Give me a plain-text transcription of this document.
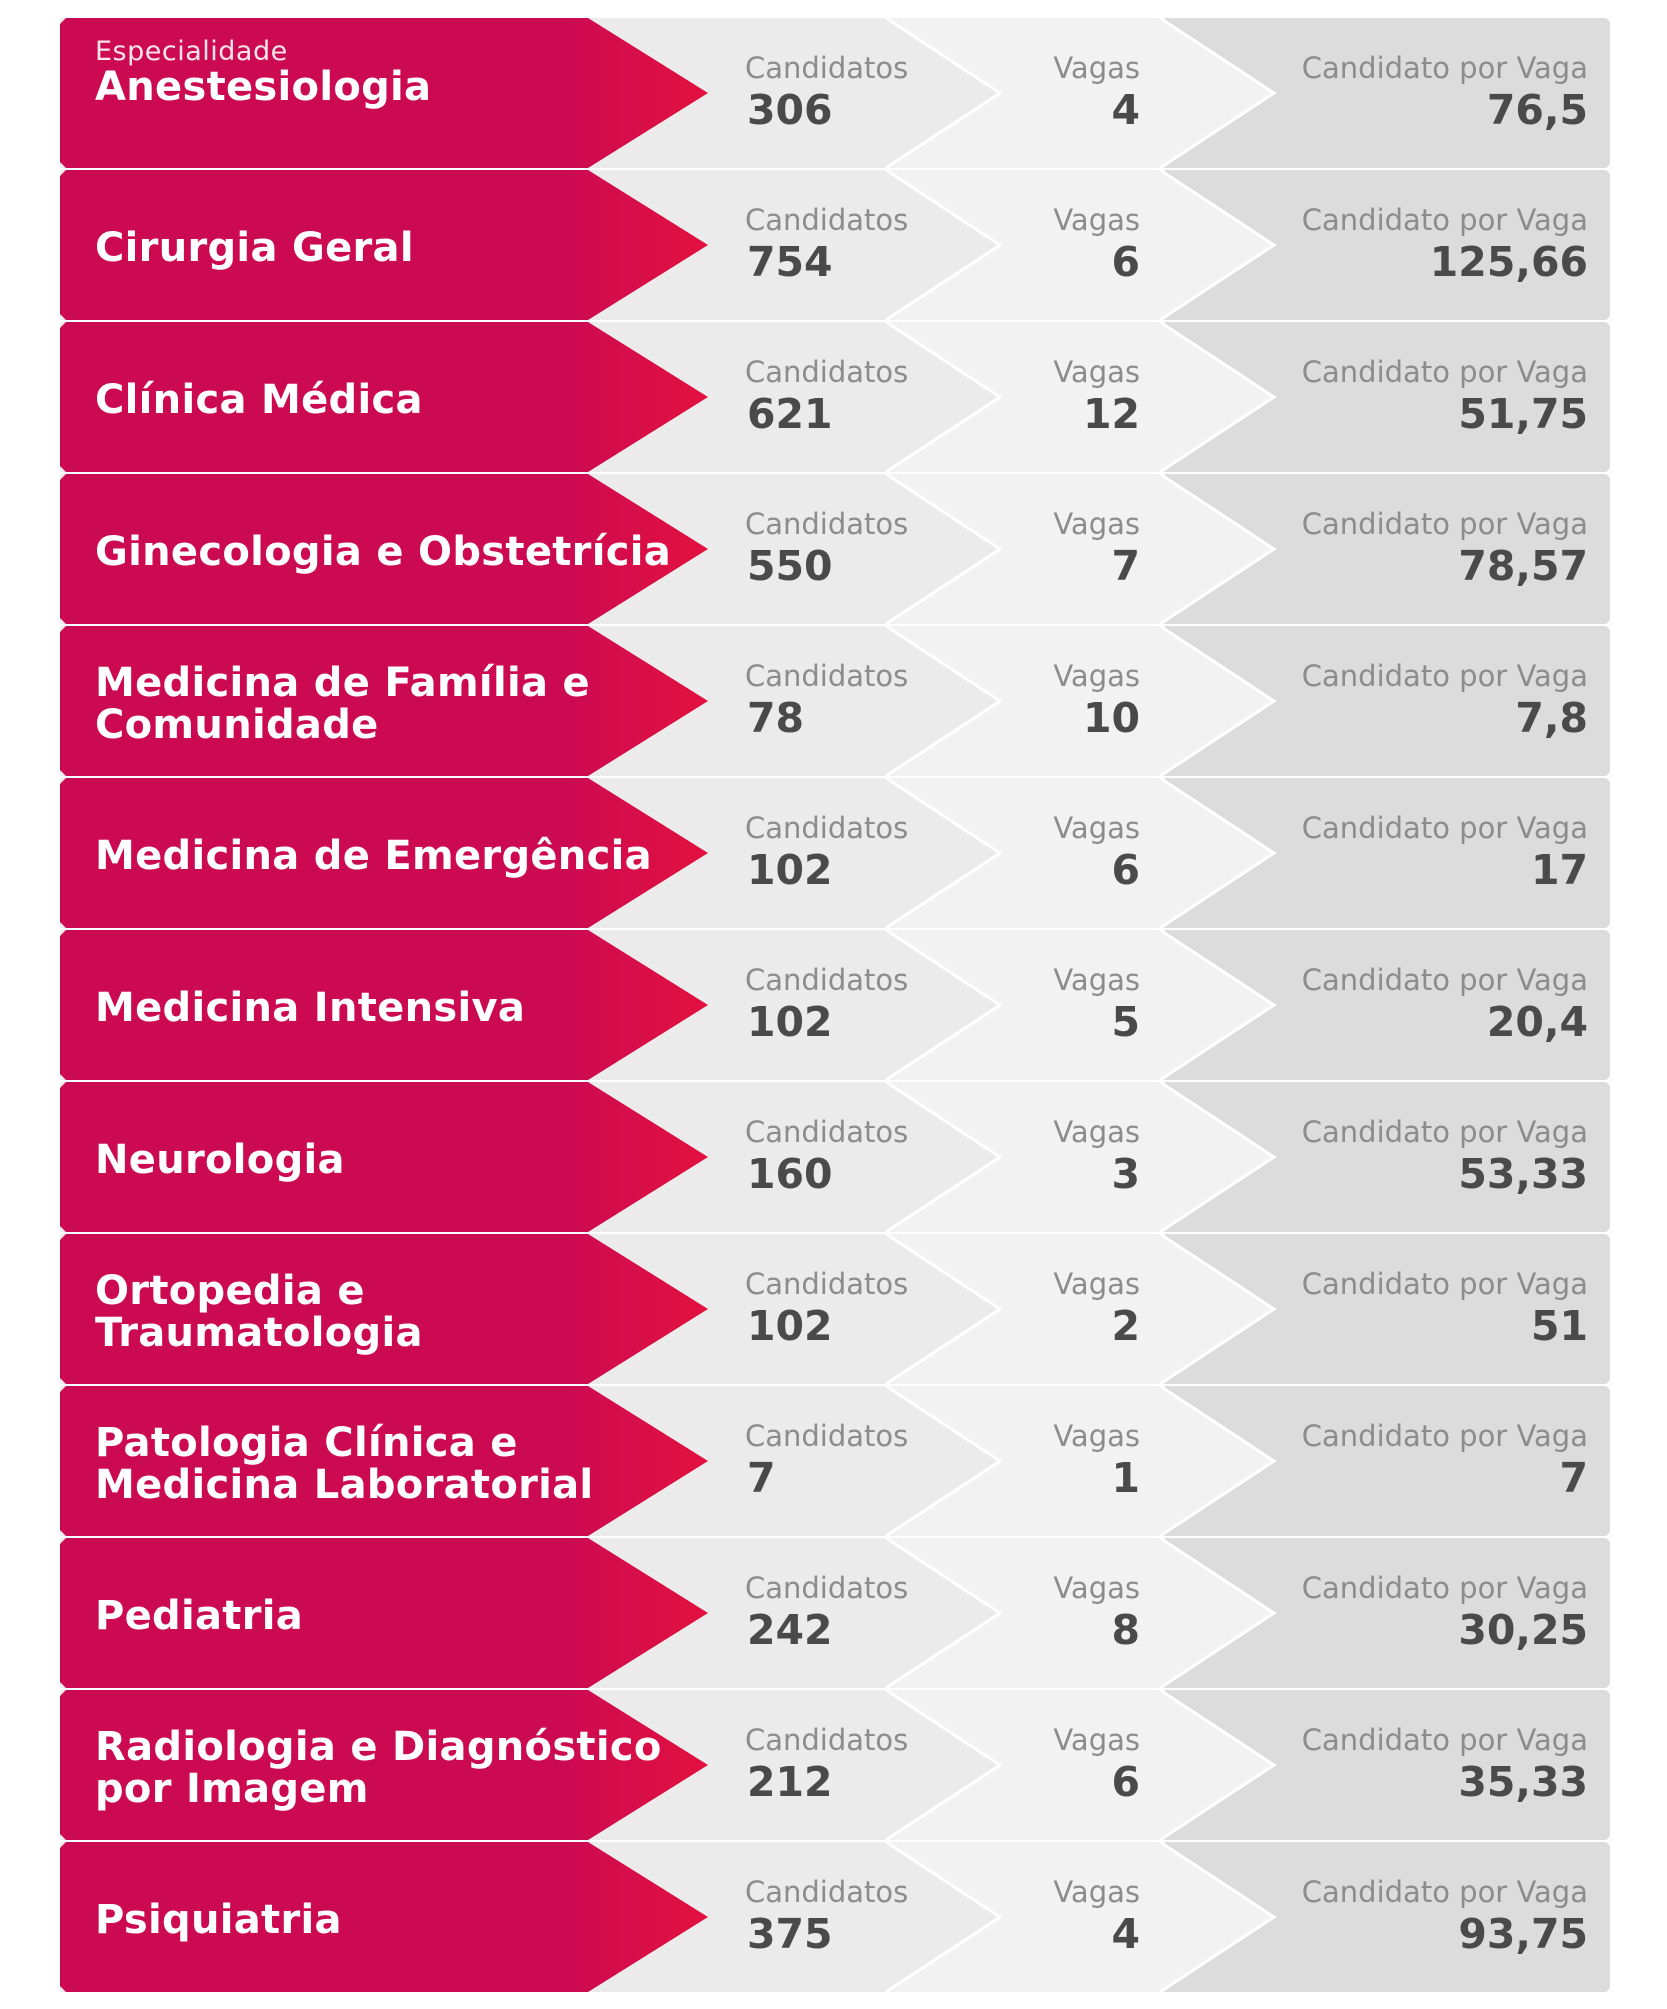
Anestesiologia	Candidatos
306
Vagas
4
Candidato por Vaga
76,5
Especialidade
Cirurgia Geral
Candidatos
754
Vagas
6
Candidato por Vaga
125,66
Clínica Médica
Candidatos
621
Vagas
12
Candidato por Vaga
51,75
Ginecologia e Obstetrícia
Candidatos
550
Vagas
7
Candidato por Vaga
78,57
Medicina de Família e
Comunidade
Candidatos
78
Vagas
10
Candidato por Vaga
7,8
Medicina de Emergência
Candidatos
102
Vagas
6
Candidato por Vaga
17
Medicina Intensiva
Candidatos
102
Vagas
5
Candidato por Vaga
20,4
Neurologia
Candidatos
160
Vagas
3
Candidato por Vaga
53,33
Ortopedia e
Traumatologia
Candidatos
102
Vagas
2
Candidato por Vaga
51
Patologia Clínica e
Medicina Laboratorial
Candidatos
7
Vagas
1
Candidato por Vaga
7
Pediatria
Candidatos
242
Vagas
8
Candidato por Vaga
30,25
Radiologia e Diagnóstico
por Imagem
Candidatos
212
Vagas
6
Candidato por Vaga
35,33
Psiquiatria
Candidatos
375
Vagas
4
Candidato por Vaga
93,75
